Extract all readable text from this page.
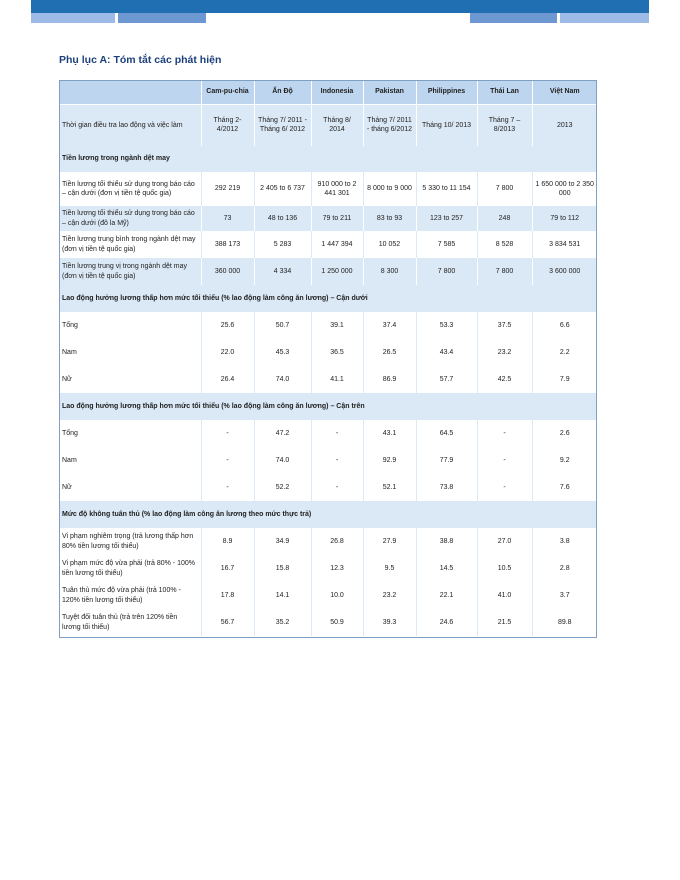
Phụ lục A: Tóm tắt các phát hiện
	Cam-pu-chia	Ấn Độ	Indonesia	Pakistan	Philippines	Thái Lan	Việt Nam
Thời gian điều tra lao động và việc làm	Tháng 2-4/2012	Tháng 7/ 2011 - Tháng 6/ 2012	Tháng 8/ 2014	Tháng 7/ 2011 - tháng 6/2012	Tháng 10/ 2013	Tháng 7 – 8/2013	2013
Tiền lương trong ngành dệt may							
Tiền lương tối thiểu sử dụng trong báo cáo – cận dưới (đơn vị tiền tệ quốc gia)	292 219	2 405 to 6 737	910 000 to 2 441 301	8 000 to 9 000	5 330 to 11 154	7 800	1 650 000 to 2 350 000
Tiền lương tối thiểu sử dụng trong báo cáo – cận dưới (đô la Mỹ)	73	48 to 136	79 to 211	83 to 93	123 to 257	248	79 to 112
Tiền lương trung bình trong ngành dệt may (đơn vị tiền tệ quốc gia)	388 173	5 283	1 447 394	10 052	7 585	8 528	3 834 531
Tiền lương trung vị trong ngành dệt may (đơn vị tiền tệ quốc gia)	360 000	4 334	1 250 000	8 300	7 800	7 800	3 600 000
Lao động hưởng lương thấp hơn mức tối thiểu (% lao động làm công ăn lương) – Cận dưới							
Tổng	25.6	50.7	39.1	37.4	53.3	37.5	6.6
Nam	22.0	45.3	36.5	26.5	43.4	23.2	2.2
Nữ	26.4	74.0	41.1	86.9	57.7	42.5	7.9
Lao động hưởng lương thấp hơn mức tối thiểu (% lao động làm công ăn lương) – Cận trên							
Tổng	-	47.2	-	43.1	64.5	-	2.6
Nam	-	74.0	-	92.9	77.9	-	9.2
Nữ	-	52.2	-	52.1	73.8	-	7.6
Mức độ không tuân thủ (% lao động làm công ăn lương theo mức thực trả)							
Vi phạm nghiêm trọng (trả lương thấp hơn 80% tiền lương tối thiểu)	8.9	34.9	26.8	27.9	38.8	27.0	3.8
Vi phạm mức độ vừa phải (trả 80% - 100% tiền lương tối thiểu)	16.7	15.8	12.3	9.5	14.5	10.5	2.8
Tuân thủ mức độ vừa phải (trả 100% - 120% tiền lương tối thiểu)	17.8	14.1	10.0	23.2	22.1	41.0	3.7
Tuyệt đối tuân thủ (trả trên 120% tiền lương tối thiểu)	56.7	35.2	50.9	39.3	24.6	21.5	89.8
